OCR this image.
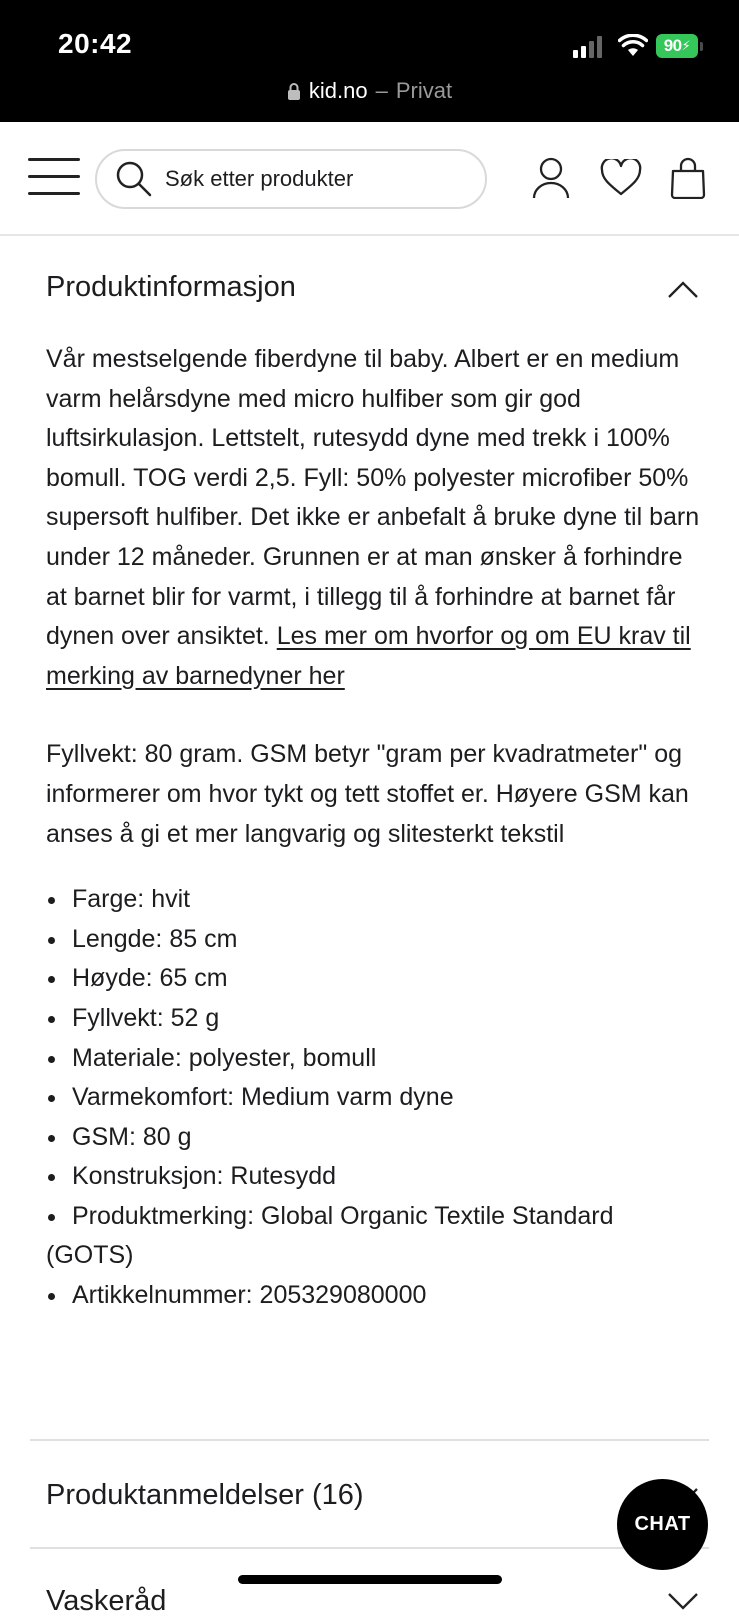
20:42	90 ⚡
kid.no – Privat
Søk etter produkter
Produktinformasjon

Vår mestselgende fiberdyne til baby. Albert er en medium varm helårsdyne med micro hulfiber som gir god luftsirkulasjon. Lettstelt, rutesydd dyne med trekk i 100% bomull. TOG verdi 2,5. Fyll: 50% polyester microfiber 50% supersoft hulfiber. Det ikke er anbefalt å bruke dyne til barn under 12 måneder. Grunnen er at man ønsker å forhindre at barnet blir for varmt, i tillegg til å forhindre at barnet får dynen over ansiktet. Les mer om hvorfor og om EU krav til merking av barnedyner her

Fyllvekt: 80 gram. GSM betyr "gram per kvadratmeter" og informerer om hvor tykt og tett stoffet er. Høyere GSM kan anses å gi et mer langvarig og slitesterkt tekstil

Farge: hvit
Lengde: 85 cm
Høyde: 65 cm
Fyllvekt: 52 g
Materiale: polyester, bomull
Varmekomfort: Medium varm dyne
GSM: 80 g
Konstruksjon: Rutesydd
Produktmerking: Global Organic Textile Standard (GOTS)
Artikkelnummer: 205329080000
Produktanmeldelser (16)
Vaskeråd
CHAT
